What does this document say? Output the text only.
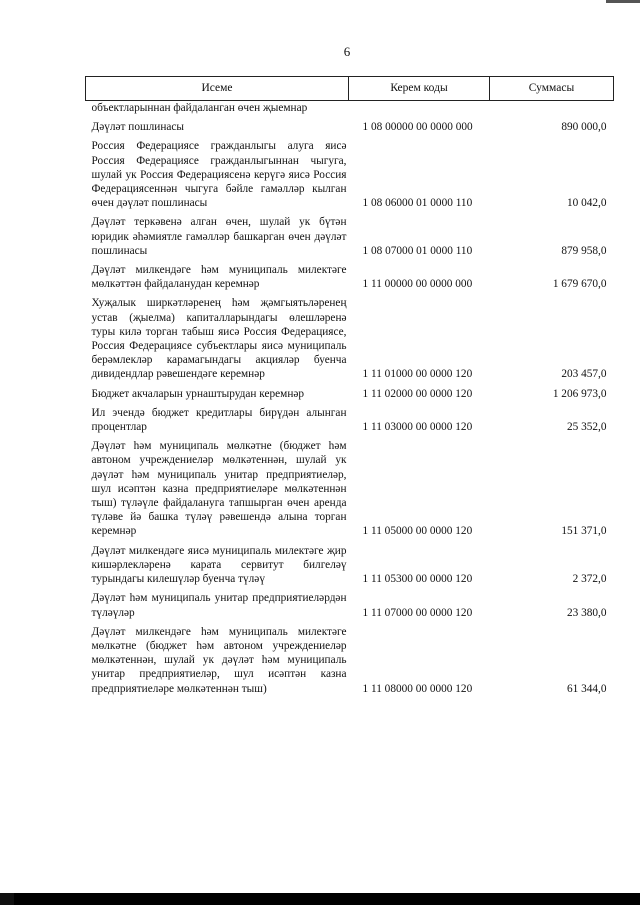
6
Исеме	Керем коды	Суммасы
объектларыннан файдаланган өчен җыемнар		
Дәүләт пошлинасы	1 08 00000 00 0000 000	890 000,0
Россия Федерациясе гражданлыгы алуга яисә Россия Федерациясе гражданлыгыннан чыгуга, шулай ук Россия Федерациясенә керүгә яисә Россия Федерациясеннән чыгуга бәйле гамәлләр кылган өчен дәүләт пошлинасы	1 08 06000 01 0000 110	10 042,0
Дәүләт теркәвенә алган өчен, шулай ук бүтән юридик әһәмиятле гамәлләр башкарган өчен дәүләт пошлинасы	1 08 07000 01 0000 110	879 958,0
Дәүләт милкендәге һәм муниципаль милектәге мөлкәттән файдаланудан керемнәр	1 11 00000 00 0000 000	1 679 670,0
Хуҗалык ширкәтләренең һәм җәмгыятьләренең устав (җыелма) капиталларындагы өлешләренә туры килә торган табыш яисә Россия Федерациясе, Россия Федерациясе субъектлары яисә муниципаль берәмлекләр карамагындагы акцияләр буенча дивидендлар рәвешендәге керемнәр	1 11 01000 00 0000 120	203 457,0
Бюджет акчаларын урнаштырудан керемнәр	1 11 02000 00 0000 120	1 206 973,0
Ил эчендә бюджет кредитлары бирүдән алынган процентлар	1 11 03000 00 0000 120	25 352,0
Дәүләт һәм муниципаль мөлкәтне (бюджет һәм автоном учреждениеләр мөлкәтеннән, шулай ук дәүләт һәм муниципаль унитар предприятиеләр, шул исәптән казна предприятиеләре мөлкәтеннән тыш) түләүле файдалануга тапшырган өчен аренда түләве йә башка түләү рәвешендә алына торган керемнәр	1 11 05000 00 0000 120	151 371,0
Дәүләт милкендәге яисә муниципаль милектәге җир кишәрлекләренә карата сервитут билгеләү турындагы килешүләр буенча түләү	1 11 05300 00 0000 120	2 372,0
Дәүләт һәм муниципаль унитар предприятиеләрдән түләүләр	1 11 07000 00 0000 120	23 380,0
Дәүләт милкендәге һәм муниципаль милектәге мөлкәтне (бюджет һәм автоном учреждениеләр мөлкәтеннән, шулай ук дәүләт һәм муниципаль унитар предприятиеләр, шул исәптән казна предприятиеләре мөлкәтеннән тыш)	1 11 08000 00 0000 120	61 344,0
